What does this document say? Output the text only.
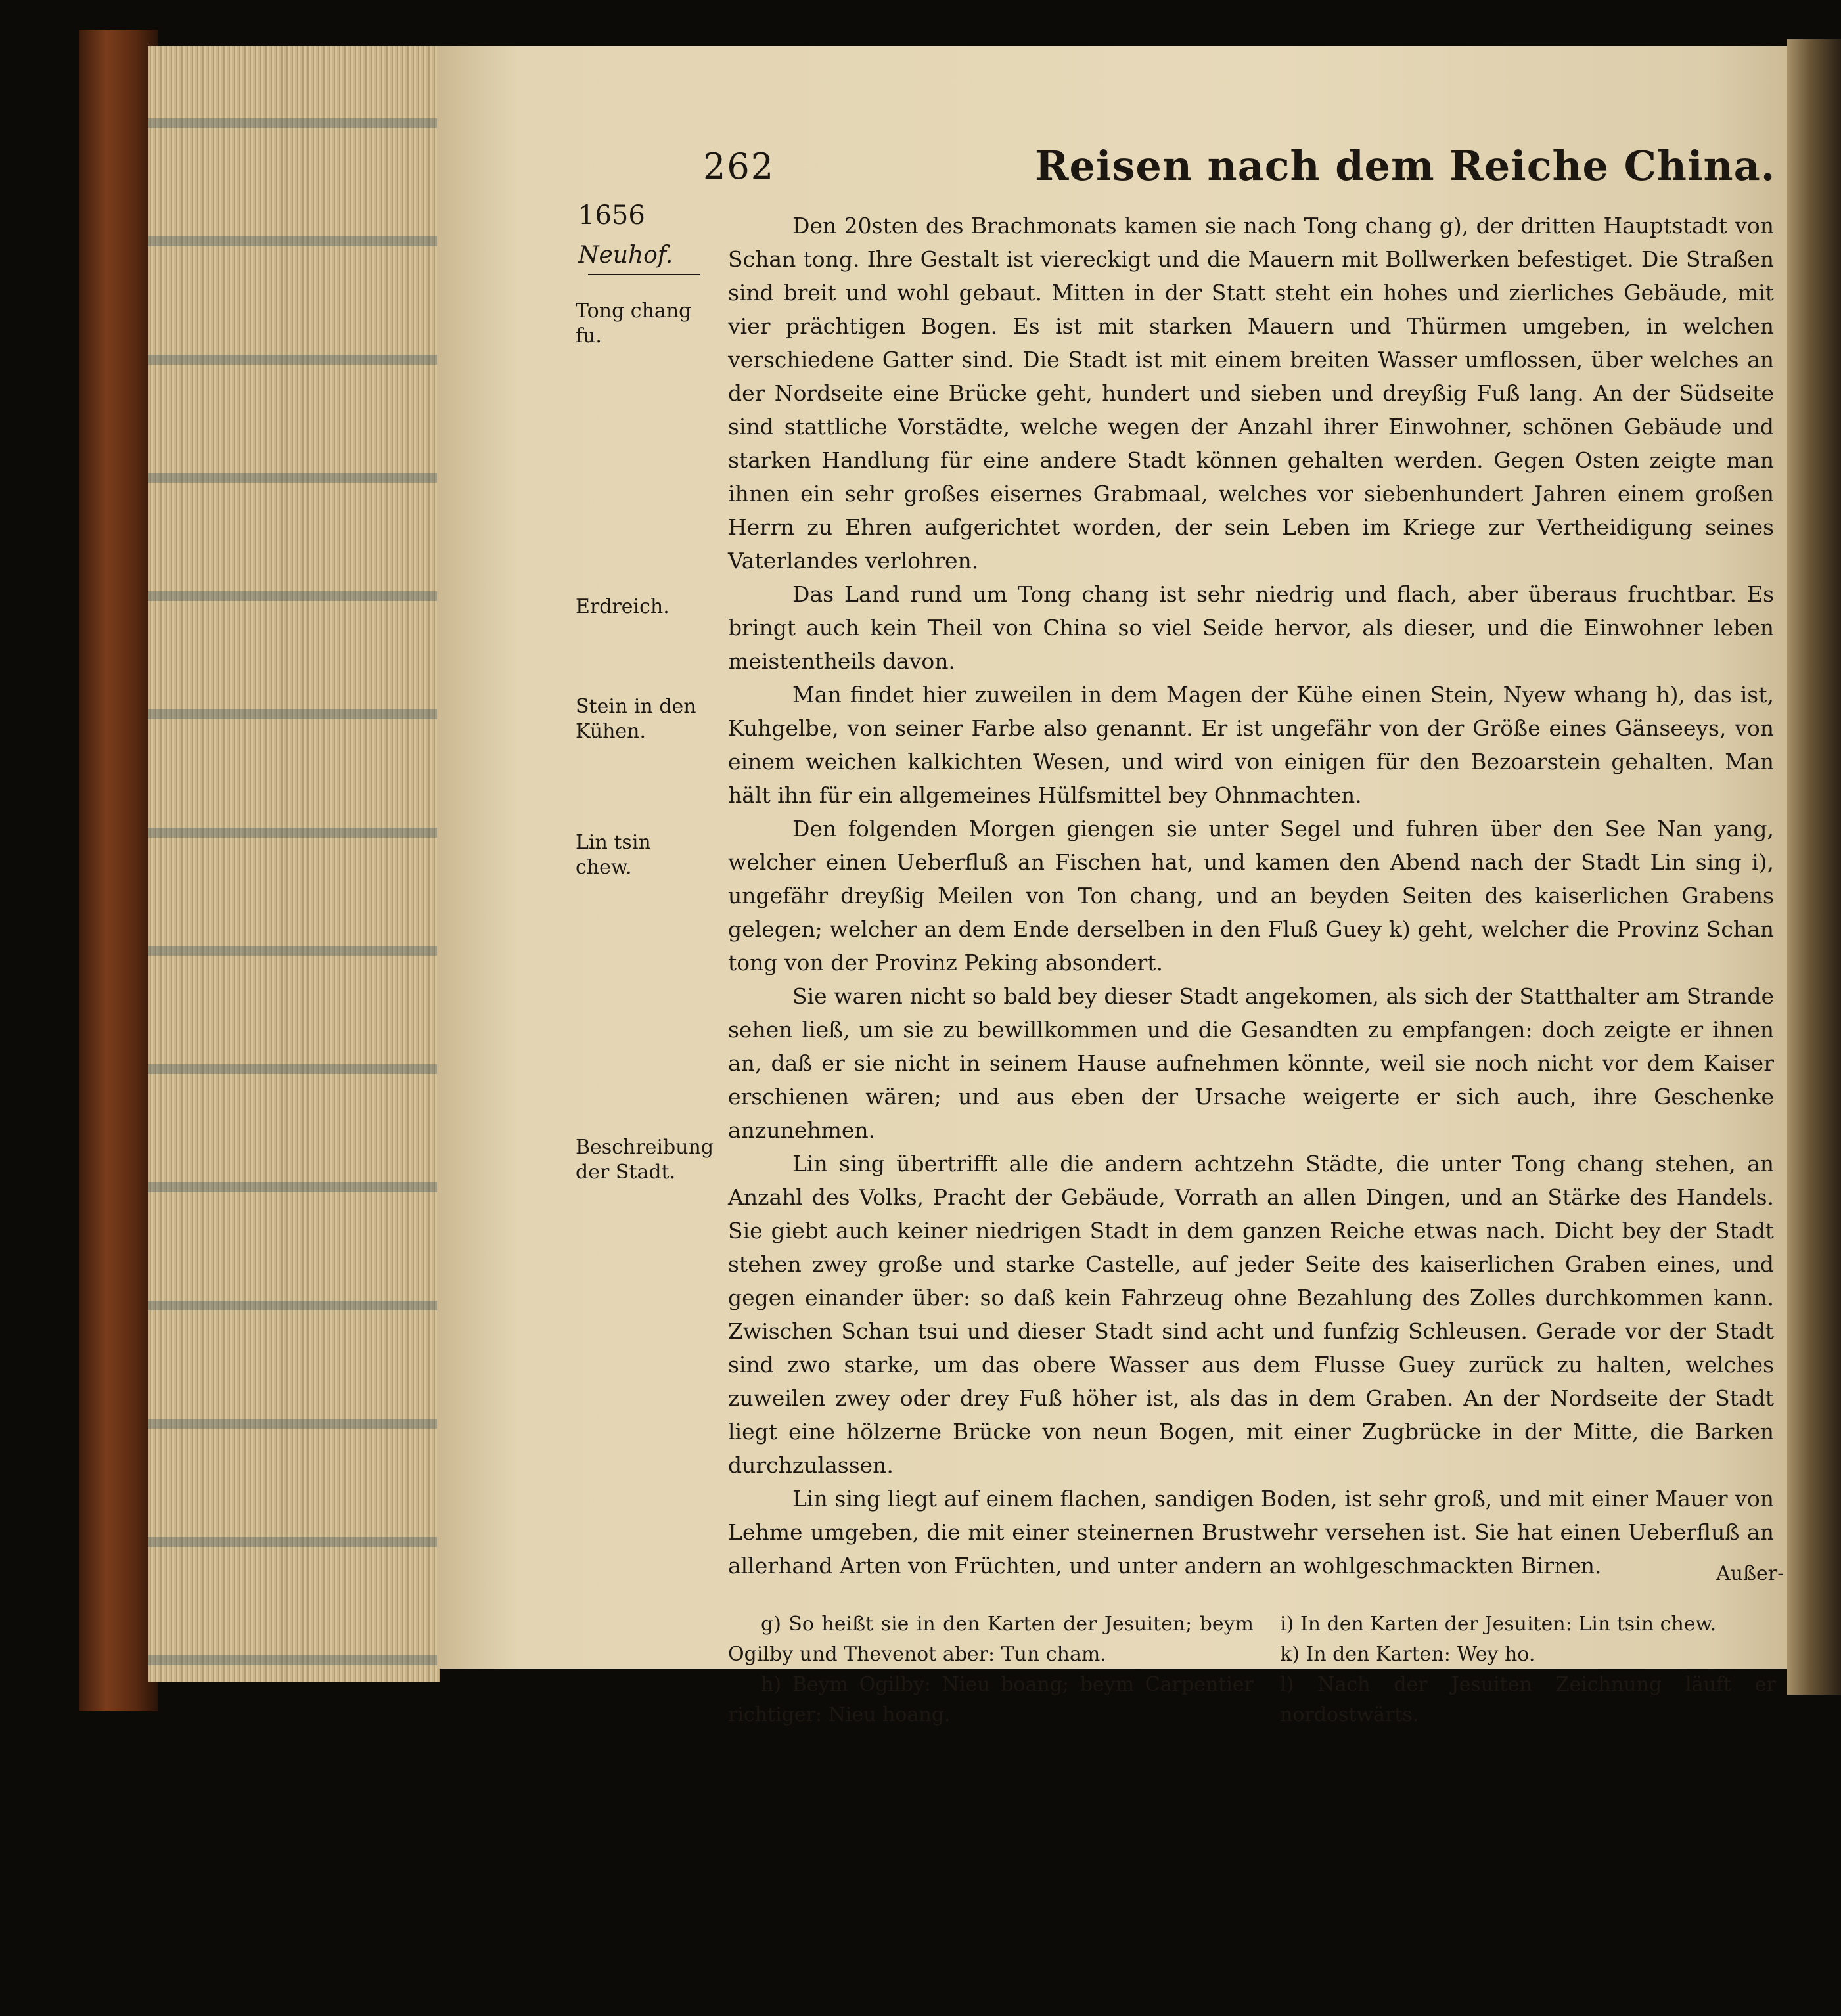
262	Reisen nach dem Reiche China.
1656
Neuhof.
Tong chang
fu.
Erdreich.
Stein in den
Kühen.
Lin tsin
chew.
Beschreibung
der Stadt.

Den 20sten des Brachmonats kamen sie nach Tong chang g), der dritten Hauptstadt von Schan tong. Ihre Gestalt ist viereckigt und die Mauern mit Bollwerken befestiget. Die Straßen sind breit und wohl gebaut. Mitten in der Statt steht ein hohes und zierliches Gebäude, mit vier prächtigen Bogen. Es ist mit starken Mauern und Thürmen umgeben, in welchen verschiedene Gatter sind. Die Stadt ist mit einem breiten Wasser umflossen, über welches an der Nordseite eine Brücke geht, hundert und sieben und dreyßig Fuß lang. An der Südseite sind stattliche Vorstädte, welche wegen der Anzahl ihrer Einwohner, schönen Gebäude und starken Handlung für eine andere Stadt können gehalten werden. Gegen Osten zeigte man ihnen ein sehr großes eisernes Grabmaal, welches vor siebenhundert Jahren einem großen Herrn zu Ehren aufgerichtet worden, der sein Leben im Kriege zur Vertheidigung seines Vaterlandes verlohren.

Das Land rund um Tong chang ist sehr niedrig und flach, aber überaus fruchtbar. Es bringt auch kein Theil von China so viel Seide hervor, als dieser, und die Einwohner leben meistentheils davon.

Man findet hier zuweilen in dem Magen der Kühe einen Stein, Nyew whang h), das ist, Kuhgelbe, von seiner Farbe also genannt. Er ist ungefähr von der Größe eines Gänseeys, von einem weichen kalkichten Wesen, und wird von einigen für den Bezoarstein gehalten. Man hält ihn für ein allgemeines Hülfsmittel bey Ohnmachten.

Den folgenden Morgen giengen sie unter Segel und fuhren über den See Nan yang, welcher einen Ueberfluß an Fischen hat, und kamen den Abend nach der Stadt Lin sing i), ungefähr dreyßig Meilen von Ton chang, und an beyden Seiten des kaiserlichen Grabens gelegen; welcher an dem Ende derselben in den Fluß Guey k) geht, welcher die Provinz Schan tong von der Provinz Peking absondert.

Sie waren nicht so bald bey dieser Stadt angekomen, als sich der Statthalter am Strande sehen ließ, um sie zu bewillkommen und die Gesandten zu empfangen: doch zeigte er ihnen an, daß er sie nicht in seinem Hause aufnehmen könnte, weil sie noch nicht vor dem Kaiser erschienen wären; und aus eben der Ursache weigerte er sich auch, ihre Geschenke anzunehmen.

Lin sing übertrifft alle die andern achtzehn Städte, die unter Tong chang stehen, an Anzahl des Volks, Pracht der Gebäude, Vorrath an allen Dingen, und an Stärke des Handels. Sie giebt auch keiner niedrigen Stadt in dem ganzen Reiche etwas nach. Dicht bey der Stadt stehen zwey große und starke Castelle, auf jeder Seite des kaiserlichen Graben eines, und gegen einander über: so daß kein Fahrzeug ohne Bezahlung des Zolles durchkommen kann. Zwischen Schan tsui und dieser Stadt sind acht und funfzig Schleusen. Gerade vor der Stadt sind zwo starke, um das obere Wasser aus dem Flusse Guey zurück zu halten, welches zuweilen zwey oder drey Fuß höher ist, als das in dem Graben. An der Nordseite der Stadt liegt eine hölzerne Brücke von neun Bogen, mit einer Zugbrücke in der Mitte, die Barken durchzulassen.

Lin sing liegt auf einem flachen, sandigen Boden, ist sehr groß, und mit einer Mauer von Lehme umgeben, die mit einer steinernen Brustwehr versehen ist. Sie hat einen Ueberfluß an allerhand Arten von Früchten, und unter andern an wohlgeschmackten Birnen.	Außer-

g) So heißt sie in den Karten der Jesuiten; beym Ogilby und Thevenot aber: Tun cham.

h) Beym Ogilby: Nieu boang; beym Carpentier richtiger: Nieu hoang.

i) In den Karten der Jesuiten: Lin tsin chew.

k) In den Karten: Wey ho.

l) Nach der Jesuiten Zeichnung läuft er nordostwärts.
